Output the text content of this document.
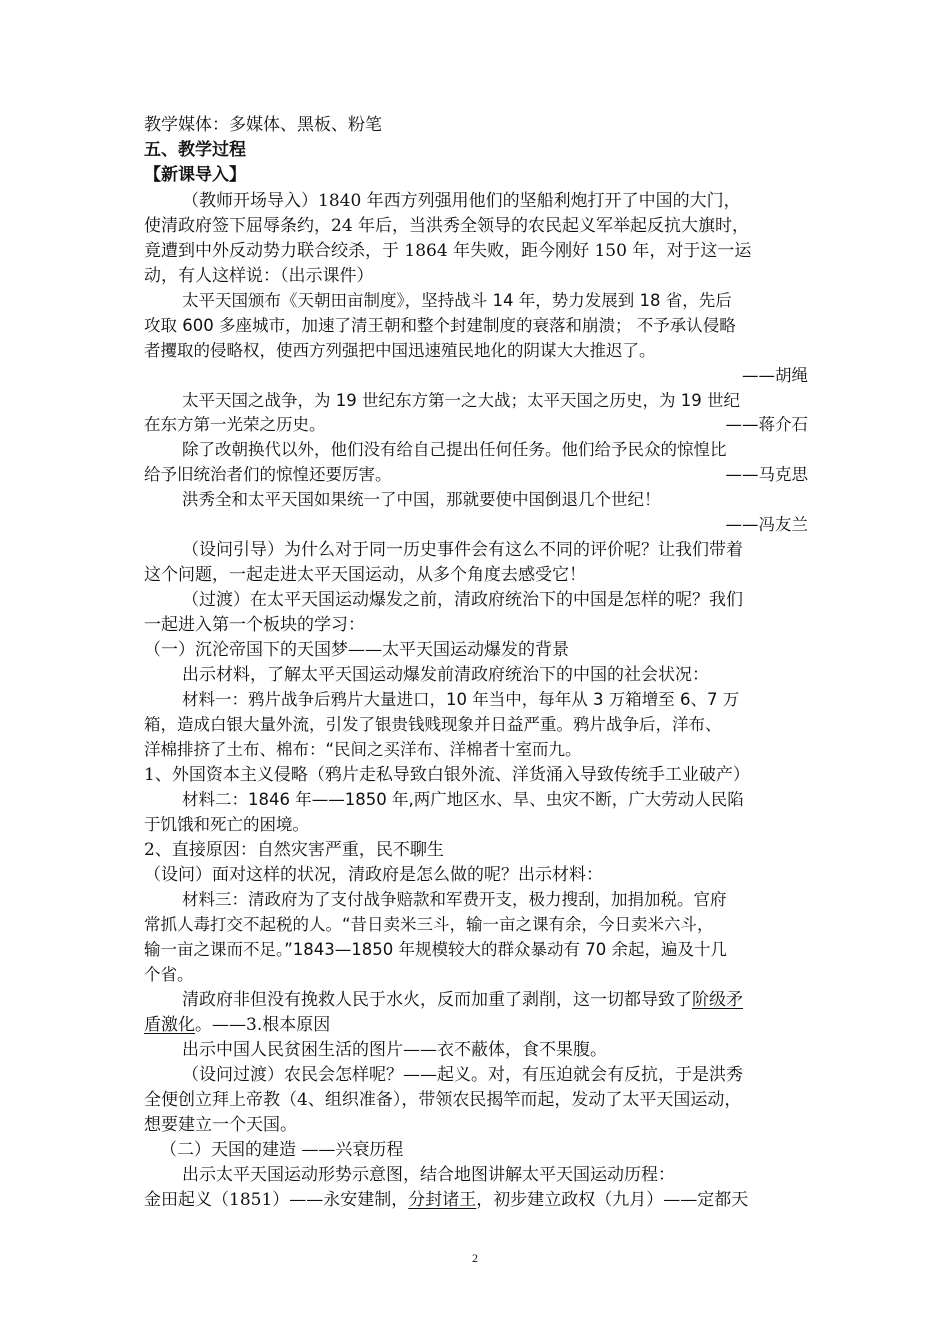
教学媒体：多媒体、黑板、粉笔
五、教学过程
【新课导入】
（教师开场导入）1840 年西方列强用他们的坚船利炮打开了中国的大门，
使清政府签下屈辱条约，24 年后，当洪秀全领导的农民起义军举起反抗大旗时，
竟遭到中外反动势力联合绞杀，于 1864 年失败，距今刚好 150 年，对于这一运
动，有人这样说：（出示课件）
太平天国颁布《天朝田亩制度》，坚持战斗 14 年，势力发展到 18 省，先后
攻取 600 多座城市，加速了清王朝和整个封建制度的衰落和崩溃； 不予承认侵略
者攫取的侵略权，使西方列强把中国迅速殖民地化的阴谋大大推迟了。
——胡绳
太平天国之战争，为 19 世纪东方第一之大战；太平天国之历史，为 19 世纪
在东方第一光荣之历史。	——蒋介石
除了改朝换代以外，他们没有给自己提出任何任务。他们给予民众的惊惶比
给予旧统治者们的惊惶还要厉害。	——马克思
洪秀全和太平天国如果统一了中国，那就要使中国倒退几个世纪！
——冯友兰
（设问引导）为什么对于同一历史事件会有这么不同的评价呢？让我们带着
这个问题，一起走进太平天国运动，从多个角度去感受它！
（过渡）在太平天国运动爆发之前，清政府统治下的中国是怎样的呢？我们
一起进入第一个板块的学习：
（一）沉沦帝国下的天国梦——太平天国运动爆发的背景
出示材料，了解太平天国运动爆发前清政府统治下的中国的社会状况：
材料一：鸦片战争后鸦片大量进口，10 年当中，每年从 3 万箱增至 6、7 万
箱，造成白银大量外流，引发了银贵钱贱现象并日益严重。鸦片战争后，洋布、
洋棉排挤了土布、棉布：“民间之买洋布、洋棉者十室而九。
1、外国资本主义侵略（鸦片走私导致白银外流、洋货涌入导致传统手工业破产）
材料二：1846 年——1850 年,两广地区水、旱、虫灾不断，广大劳动人民陷
于饥饿和死亡的困境。
2、直接原因：自然灾害严重，民不聊生
（设问）面对这样的状况，清政府是怎么做的呢？出示材料：
材料三：清政府为了支付战争赔款和军费开支，极力搜刮，加捐加税。官府
常抓人毒打交不起税的人。“昔日卖米三斗，输一亩之课有余，今日卖米六斗，
输一亩之课而不足。”1843—1850 年规模较大的群众暴动有 70 余起，遍及十几
个省。
清政府非但没有挽救人民于水火，反而加重了剥削，这一切都导致了阶级矛
盾激化。——3.根本原因
出示中国人民贫困生活的图片——衣不蔽体，食不果腹。
（设问过渡）农民会怎样呢？——起义。对，有压迫就会有反抗，于是洪秀
全便创立拜上帝教（4、组织准备），带领农民揭竿而起，发动了太平天国运动，
想要建立一个天国。
（二）天国的建造 ——兴衰历程
出示太平天国运动形势示意图，结合地图讲解太平天国运动历程：
金田起义（1851）——永安建制，分封诸王，初步建立政权（九月）——定都天
2
